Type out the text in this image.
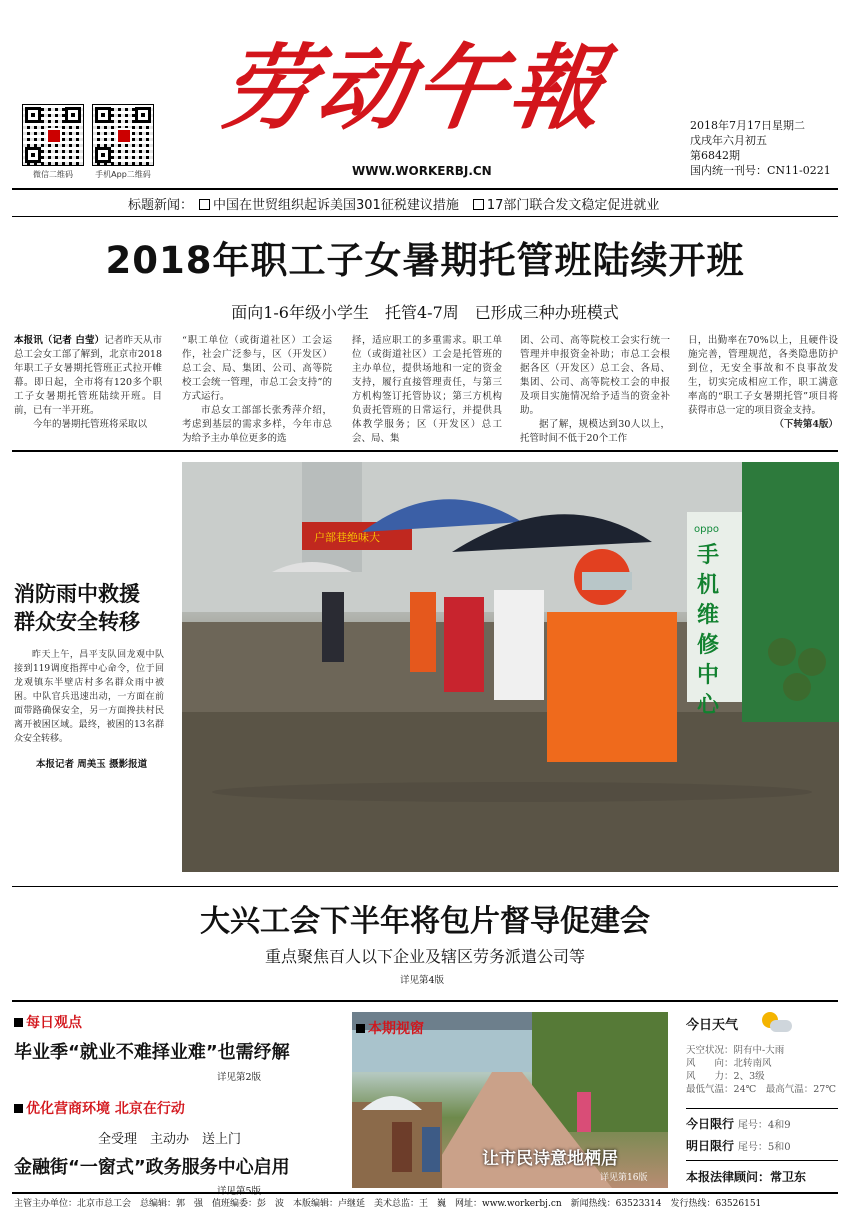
微信二维码	手机App二维码
劳动午報
WWW.WORKERBJ.CN
2018年7月17日星期二
戊戌年六月初五
第6842期
国内统一刊号：CN11-0221
标题新闻： 中国在世贸组织起诉美国301征税建议措施 17部门联合发文稳定促进就业
2018年职工子女暑期托管班陆续开班
面向1-6年级小学生　托管4-7周　已形成三种办班模式
本报讯（记者 白莹）记者昨天从市总工会女工部了解到，北京市2018年职工子女暑期托管班正式拉开帷幕。即日起，全市将有120多个职工子女暑期托管班陆续开班。目前，已有一半开班。
今年的暑期托管班将采取以
“职工单位（或街道社区）工会运作，社会广泛参与，区（开发区）总工会、局、集团、公司、高等院校工会统一管理，市总工会支持”的方式运行。
市总女工部部长张秀萍介绍，考虑到基层的需求多样，今年市总为给予主办单位更多的选
择，适应职工的多重需求。职工单位（或街道社区）工会是托管班的主办单位，提供场地和一定的资金支持，履行直接管理责任，与第三方机构签订托管协议；第三方机构负责托管班的日常运行，并提供具体教学服务；区（开发区）总工会、局、集
团、公司、高等院校工会实行统一管理并申报资金补助；市总工会根据各区（开发区）总工会、各局、集团、公司、高等院校工会的申报及项目实施情况给予适当的资金补助。
据了解，规模达到30人以上，托管时间不低于20个工作
日，出勤率在70%以上，且硬件设施完善，管理规范，各类隐患防护到位，无安全事故和不良事故发生，切实完成相应工作，职工满意率高的“职工子女暑期托管”项目将获得市总一定的项目资金支持。
（下转第4版）
消防雨中救援
群众安全转移
昨天上午，昌平支队回龙观中队接到119调度指挥中心命令，位于回龙观镇东半壁店村多名群众雨中被困。中队官兵迅速出动，一方面在前面带路确保安全，另一方面搀扶村民离开被困区域。最终，被困的13名群众安全转移。
本报记者 周美玉 摄影报道
户部巷绝味大
oppo
手
机
维
修
中
心
大兴工会下半年将包片督导促建会
重点聚焦百人以下企业及辖区劳务派遣公司等
详见第4版
每日观点
毕业季“就业不难择业难”也需纾解
详见第2版
优化营商环境 北京在行动
全受理　主动办　送上门
金融街“一窗式”政务服务中心启用
本期视窗
让市民诗意地栖居
详见第16版
今日天气
天空状况：阴有中-大雨
风　　向：北转南风
风　　力：2、3级
最低气温：24℃　最高气温：27℃
今日限行 尾号：4和9
明日限行 尾号：5和0
本报法律顾问：常卫东
主管主办单位：北京市总工会　总编辑：郭　强　值班编委：彭　波　本版编辑：卢继延　美术总监：王　巍　网址：www.workerbj.cn　新闻热线：63523314　发行热线：63526151
